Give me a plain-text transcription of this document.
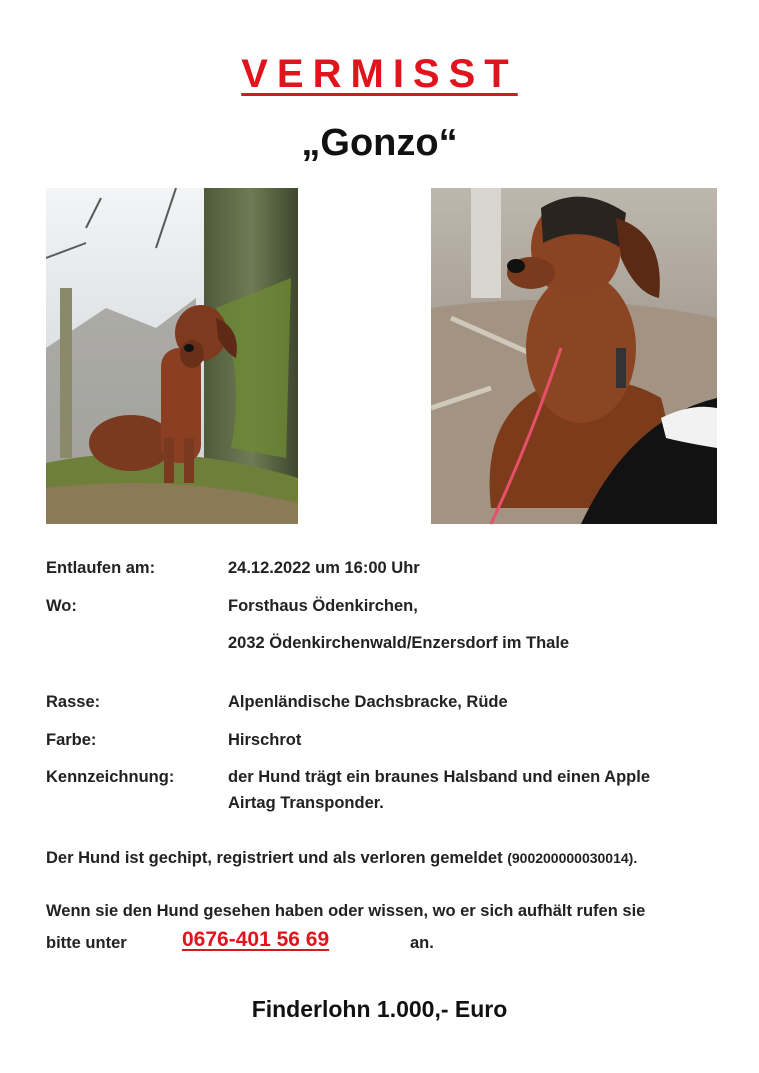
VERMISST
„Gonzo“
Entlaufen am:	24.12.2022 um 16:00 Uhr
Wo:	Forsthaus Ödenkirchen,
2032 Ödenkirchenwald/Enzersdorf im Thale
Rasse:	Alpenländische Dachsbracke, Rüde
Farbe:	Hirschrot
Kennzeichnung:	der Hund trägt ein braunes Halsband und einen Apple Airtag Transponder.
Der Hund ist gechipt, registriert und als verloren gemeldet (900200000030014).
Wenn sie den Hund gesehen haben oder wissen, wo er sich aufhält rufen sie
bitte unter	0676-401 56 69	an.
Finderlohn 1.000,- Euro
